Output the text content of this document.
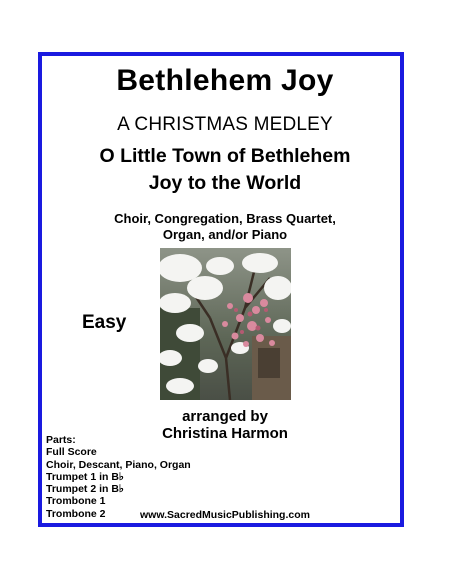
Bethlehem Joy
A CHRISTMAS MEDLEY
O Little Town of Bethlehem
Joy to the World
Choir, Congregation, Brass Quartet,
Organ, and/or Piano
Easy
arranged by
Christina Harmon
Parts:
Full Score
Choir, Descant, Piano, Organ
Trumpet 1 in B♭
Trumpet 2 in B♭
Trombone 1
Trombone 2	www.SacredMusicPublishing.com
